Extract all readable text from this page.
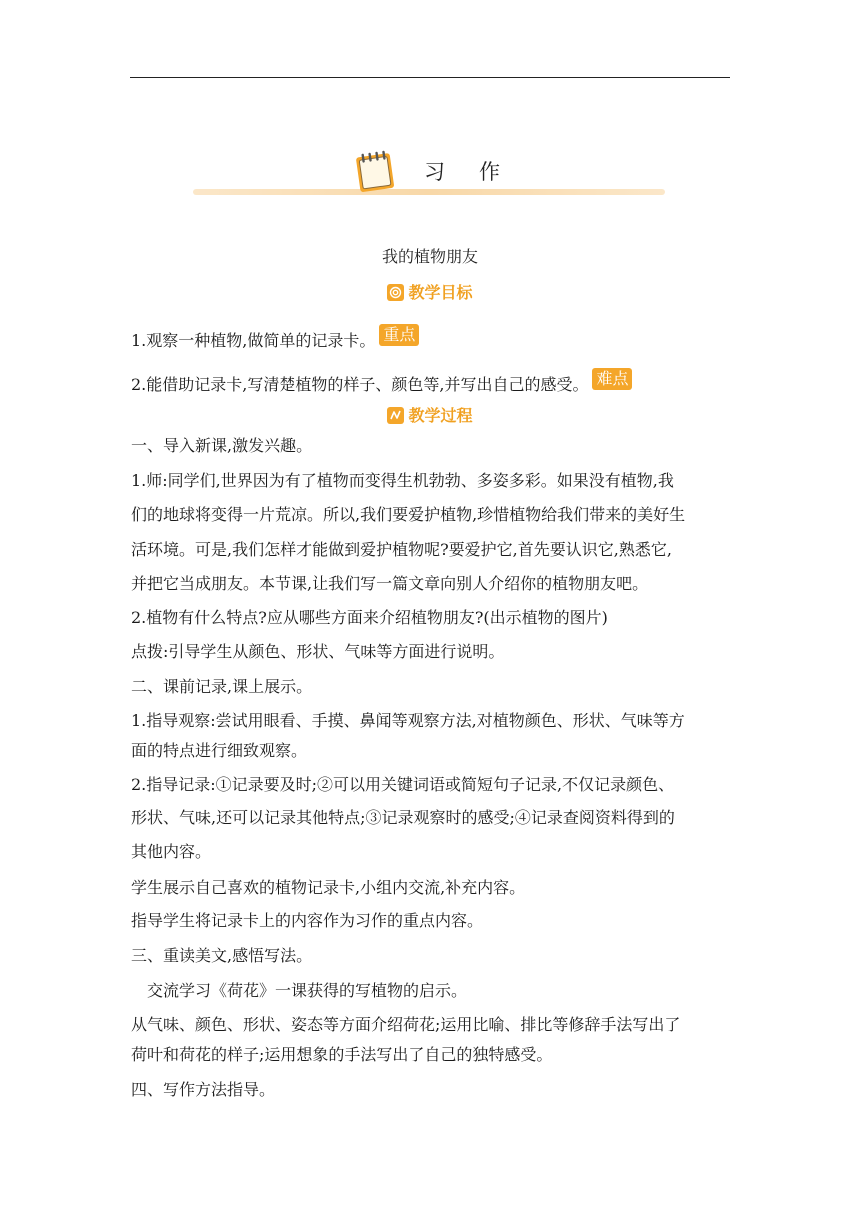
习作
我的植物朋友
教学目标
1.观察一种植物,做简单的记录卡。 重点
2.能借助记录卡,写清楚植物的样子、颜色等,并写出自己的感受。 难点
教学过程
一、导入新课,激发兴趣。
1.师:同学们,世界因为有了植物而变得生机勃勃、多姿多彩。如果没有植物,我
们的地球将变得一片荒凉。所以,我们要爱护植物,珍惜植物给我们带来的美好生
活环境。可是,我们怎样才能做到爱护植物呢?要爱护它,首先要认识它,熟悉它,
并把它当成朋友。本节课,让我们写一篇文章向别人介绍你的植物朋友吧。
2.植物有什么特点?应从哪些方面来介绍植物朋友?(出示植物的图片)
点拨:引导学生从颜色、形状、气味等方面进行说明。
二、课前记录,课上展示。
1.指导观察:尝试用眼看、手摸、鼻闻等观察方法,对植物颜色、形状、气味等方
面的特点进行细致观察。
2.指导记录:①记录要及时;②可以用关键词语或简短句子记录,不仅记录颜色、
形状、气味,还可以记录其他特点;③记录观察时的感受;④记录查阅资料得到的
其他内容。
学生展示自己喜欢的植物记录卡,小组内交流,补充内容。
指导学生将记录卡上的内容作为习作的重点内容。
三、重读美文,感悟写法。
交流学习《荷花》一课获得的写植物的启示。
从气味、颜色、形状、姿态等方面介绍荷花;运用比喻、排比等修辞手法写出了
荷叶和荷花的样子;运用想象的手法写出了自己的独特感受。
四、写作方法指导。
